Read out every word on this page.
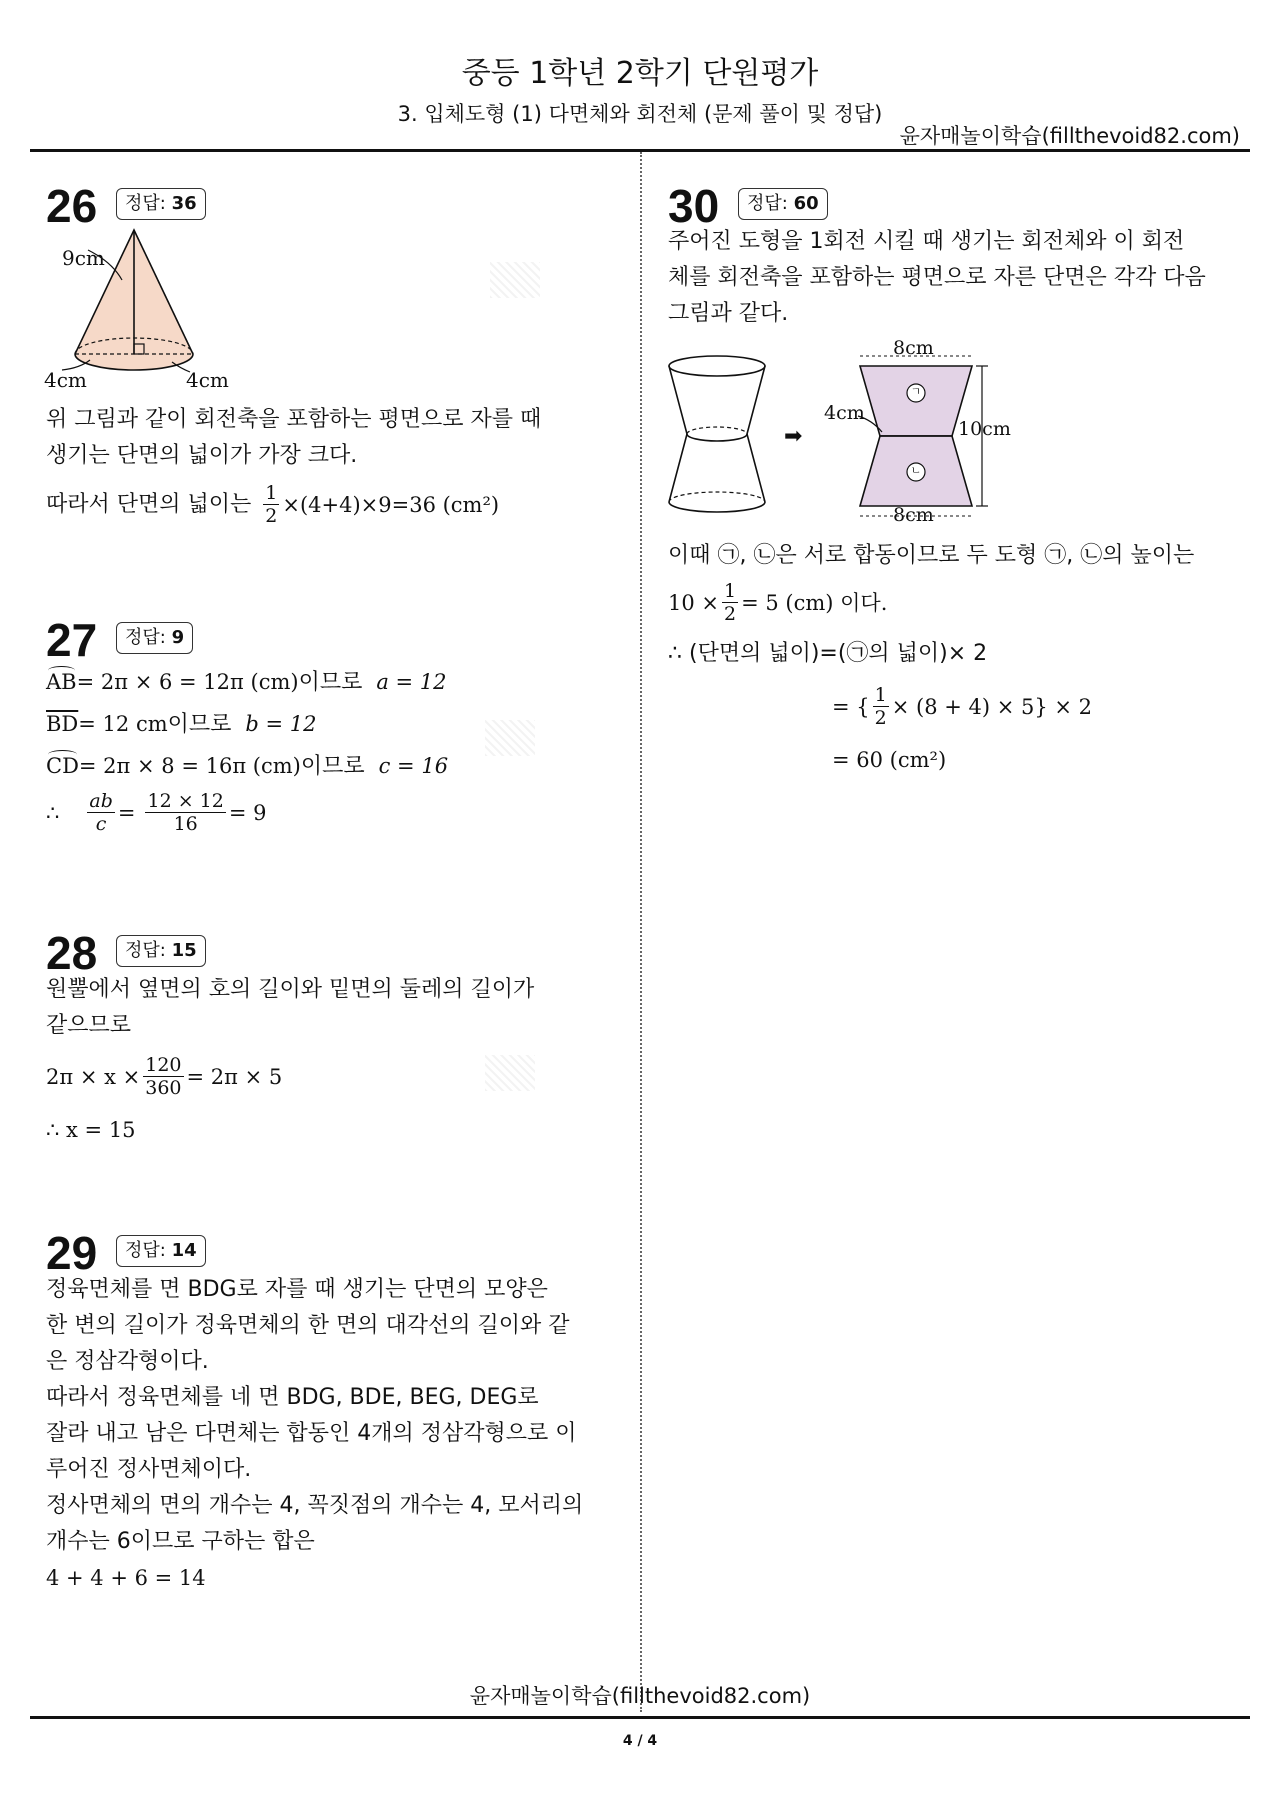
중등 1학년 2학기 단원평가
3. 입체도형 (1) 다면체와 회전체 (문제 풀이 및 정답)
윤자매놀이학습(fillthevoid82.com)
26	정답: 36
9cm
4cm	4cm
위 그림과 같이 회전축을 포함하는 평면으로 자를 때
생기는 단면의 넓이가 가장 크다.
따라서 단면의 넓이는 $\frac{1}{2} \times(4+4)\times 9=36$ (cm²)
27	정답: 9
AB= 2π × 6 = 12π (cm)이므로 a = 12
$\overline{BD}= 12$ cm이므로 b = 12
CD= 2π × 8 = 16π (cm)이므로 c = 16
∴ $\frac{ab}{c} = \frac{12 \times 12}{16} = 9$
28	정답: 15
원뿔에서 옆면의 호의 길이와 밑면의 둘레의 길이가
같으므로
$2\pi \times x \times \frac{120}{360} = 2\pi \times 5$
∴ x = 15
29	정답: 14
정육면체를 면 BDG로 자를 때 생기는 단면의 모양은
한 변의 길이가 정육면체의 한 면의 대각선의 길이와 같
은 정삼각형이다.
따라서 정육면체를 네 면 BDG, BDE, BEG, DEG로
잘라 내고 남은 다면체는 합동인 4개의 정삼각형으로 이
루어진 정사면체이다.
정사면체의 면의 개수는 4, 꼭짓점의 개수는 4, 모서리의
개수는 6이므로 구하는 합은
4 + 4 + 6 = 14
30	정답: 60
주어진 도형을 1회전 시킬 때 생기는 회전체와 이 회전
체를 회전축을 포함하는 평면으로 자른 단면은 각각 다음
그림과 같다.
➡
8cm
4cm
10cm
8cm
ㄱ
ㄴ
이때 ㉠, ㉡은 서로 합동이므로 두 도형 ㉠, ㉡의 높이는
$10 \times \frac{1}{2} = 5$ (cm) 이다.
∴ (단면의 넓이)=(㉠의 넓이)× 2
= { $\frac{1}{2} \times (8 + 4) \times 5\} \times 2$
= 60 (cm²)
윤자매놀이학습(fillthevoid82.com)
4 / 4
